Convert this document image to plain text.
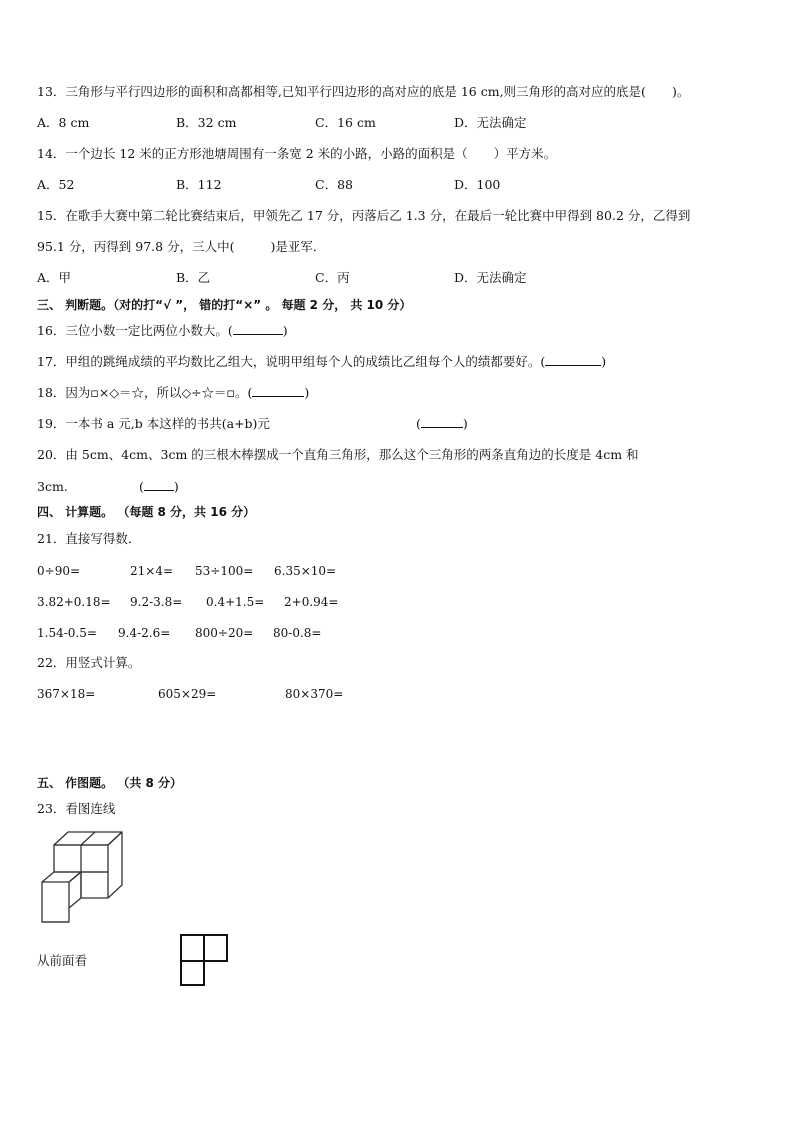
13．三角形与平行四边形的面积和高都相等,已知平行四边形的高对应的底是 16 cm,则三角形的高对应的底是( )。
A．8 cm	B．32 cm	C．16 cm	D．无法确定
14．一个边长 12 米的正方形池塘周围有一条宽 2 米的小路，小路的面积是（ ）平方米。
A．52	B．112	C．88	D．100
15．在歌手大赛中第二轮比赛结束后，甲领先乙 17 分，丙落后乙 1.3 分，在最后一轮比赛中甲得到 80.2 分，乙得到
95.1 分，丙得到 97.8 分，三人中(	)是亚军．
A．甲	B．乙	C．丙	D．无法确定
三、 判断题。（对的打“√ ”， 错的打“×” 。 每题 2 分， 共 10 分）
16．三位小数一定比两位小数大。(	)
17．甲组的跳绳成绩的平均数比乙组大，说明甲组每个人的成绩比乙组每个人的绩都要好。(	)
18．因为▫×◇＝☆，所以◇÷☆＝▫。(	)
19．一本书 a 元,b 本这样的书共(a+b)元	(	)
20．由 5cm、4cm、3cm 的三根木棒摆成一个直角三角形，那么这个三角形的两条直角边的长度是 4cm 和
3cm.	( )
四、 计算题。 （每题 8 分，共 16 分）
21．直接写得数．
0÷90=	21×4= 53÷100= 6.35×10=
3.82+0.18= 9.2-3.8= 0.4+1.5= 2+0.94=
1.54-0.5= 9.4-2.6= 800÷20= 80-0.8=
22．用竖式计算。
367×18=	605×29=	80×370=
五、 作图题。 （共 8 分）
23．看图连线
从前面看
